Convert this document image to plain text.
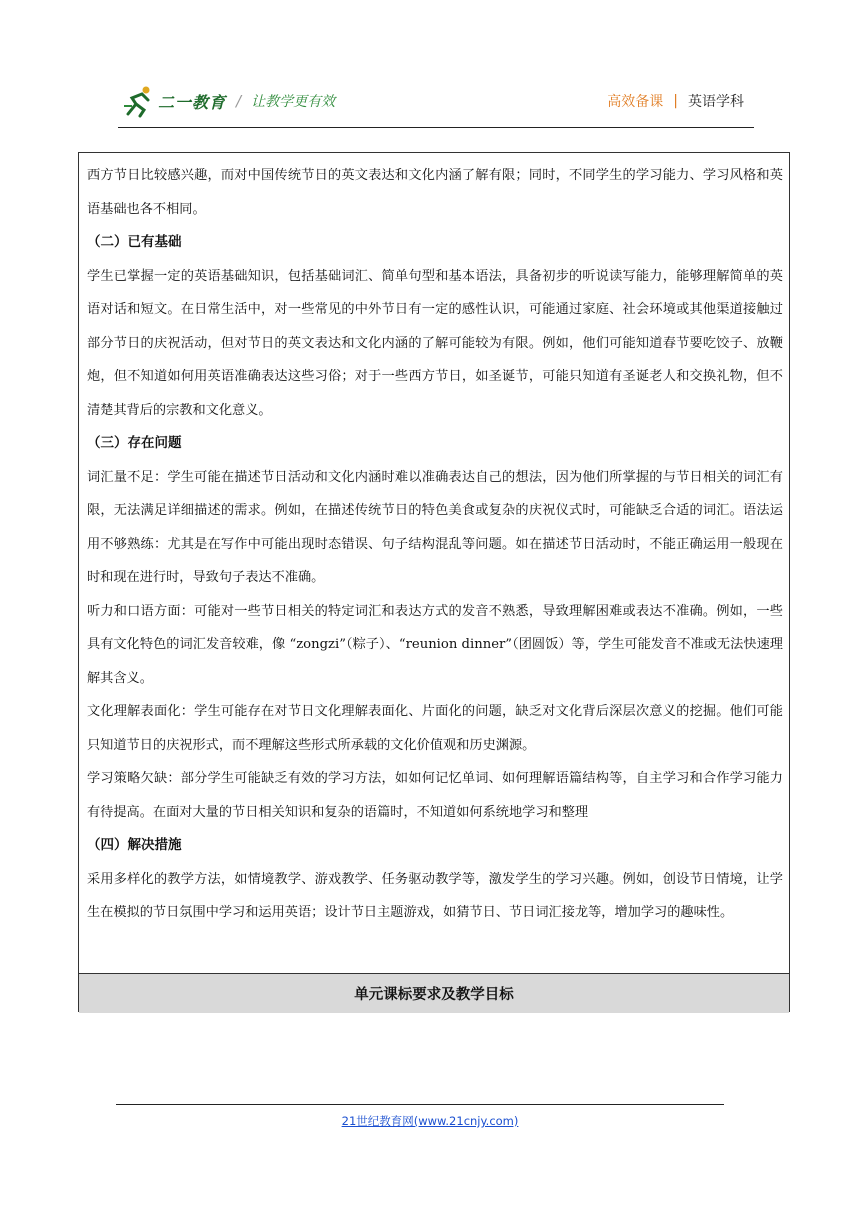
二一教育 / 让教学更有效	高效备课 | 英语学科

西方节日比较感兴趣，而对中国传统节日的英文表达和文化内涵了解有限；同时，不同学生的学习能力、学习风格和英语基础也各不相同。

（二）已有基础

学生已掌握一定的英语基础知识，包括基础词汇、简单句型和基本语法，具备初步的听说读写能力，能够理解简单的英语对话和短文。在日常生活中，对一些常见的中外节日有一定的感性认识，可能通过家庭、社会环境或其他渠道接触过部分节日的庆祝活动，但对节日的英文表达和文化内涵的了解可能较为有限。例如，他们可能知道春节要吃饺子、放鞭炮，但不知道如何用英语准确表达这些习俗；对于一些西方节日，如圣诞节，可能只知道有圣诞老人和交换礼物，但不清楚其背后的宗教和文化意义。

（三）存在问题

词汇量不足：学生可能在描述节日活动和文化内涵时难以准确表达自己的想法，因为他们所掌握的与节日相关的词汇有限，无法满足详细描述的需求。例如，在描述传统节日的特色美食或复杂的庆祝仪式时，可能缺乏合适的词汇。语法运用不够熟练：尤其是在写作中可能出现时态错误、句子结构混乱等问题。如在描述节日活动时，不能正确运用一般现在时和现在进行时，导致句子表达不准确。

听力和口语方面：可能对一些节日相关的特定词汇和表达方式的发音不熟悉，导致理解困难或表达不准确。例如，一些具有文化特色的词汇发音较难，像 “zongzi”（粽子）、“reunion dinner”（团圆饭）等，学生可能发音不准或无法快速理解其含义。

文化理解表面化：学生可能存在对节日文化理解表面化、片面化的问题，缺乏对文化背后深层次意义的挖掘。他们可能只知道节日的庆祝形式，而不理解这些形式所承载的文化价值观和历史渊源。

学习策略欠缺：部分学生可能缺乏有效的学习方法，如如何记忆单词、如何理解语篇结构等，自主学习和合作学习能力有待提高。在面对大量的节日相关知识和复杂的语篇时，不知道如何系统地学习和整理

（四）解决措施

采用多样化的教学方法，如情境教学、游戏教学、任务驱动教学等，激发学生的学习兴趣。例如，创设节日情境，让学生在模拟的节日氛围中学习和运用英语；设计节日主题游戏，如猜节日、节日词汇接龙等，增加学习的趣味性。

单元课标要求及教学目标
21世纪教育网(www.21cnjy.com)
